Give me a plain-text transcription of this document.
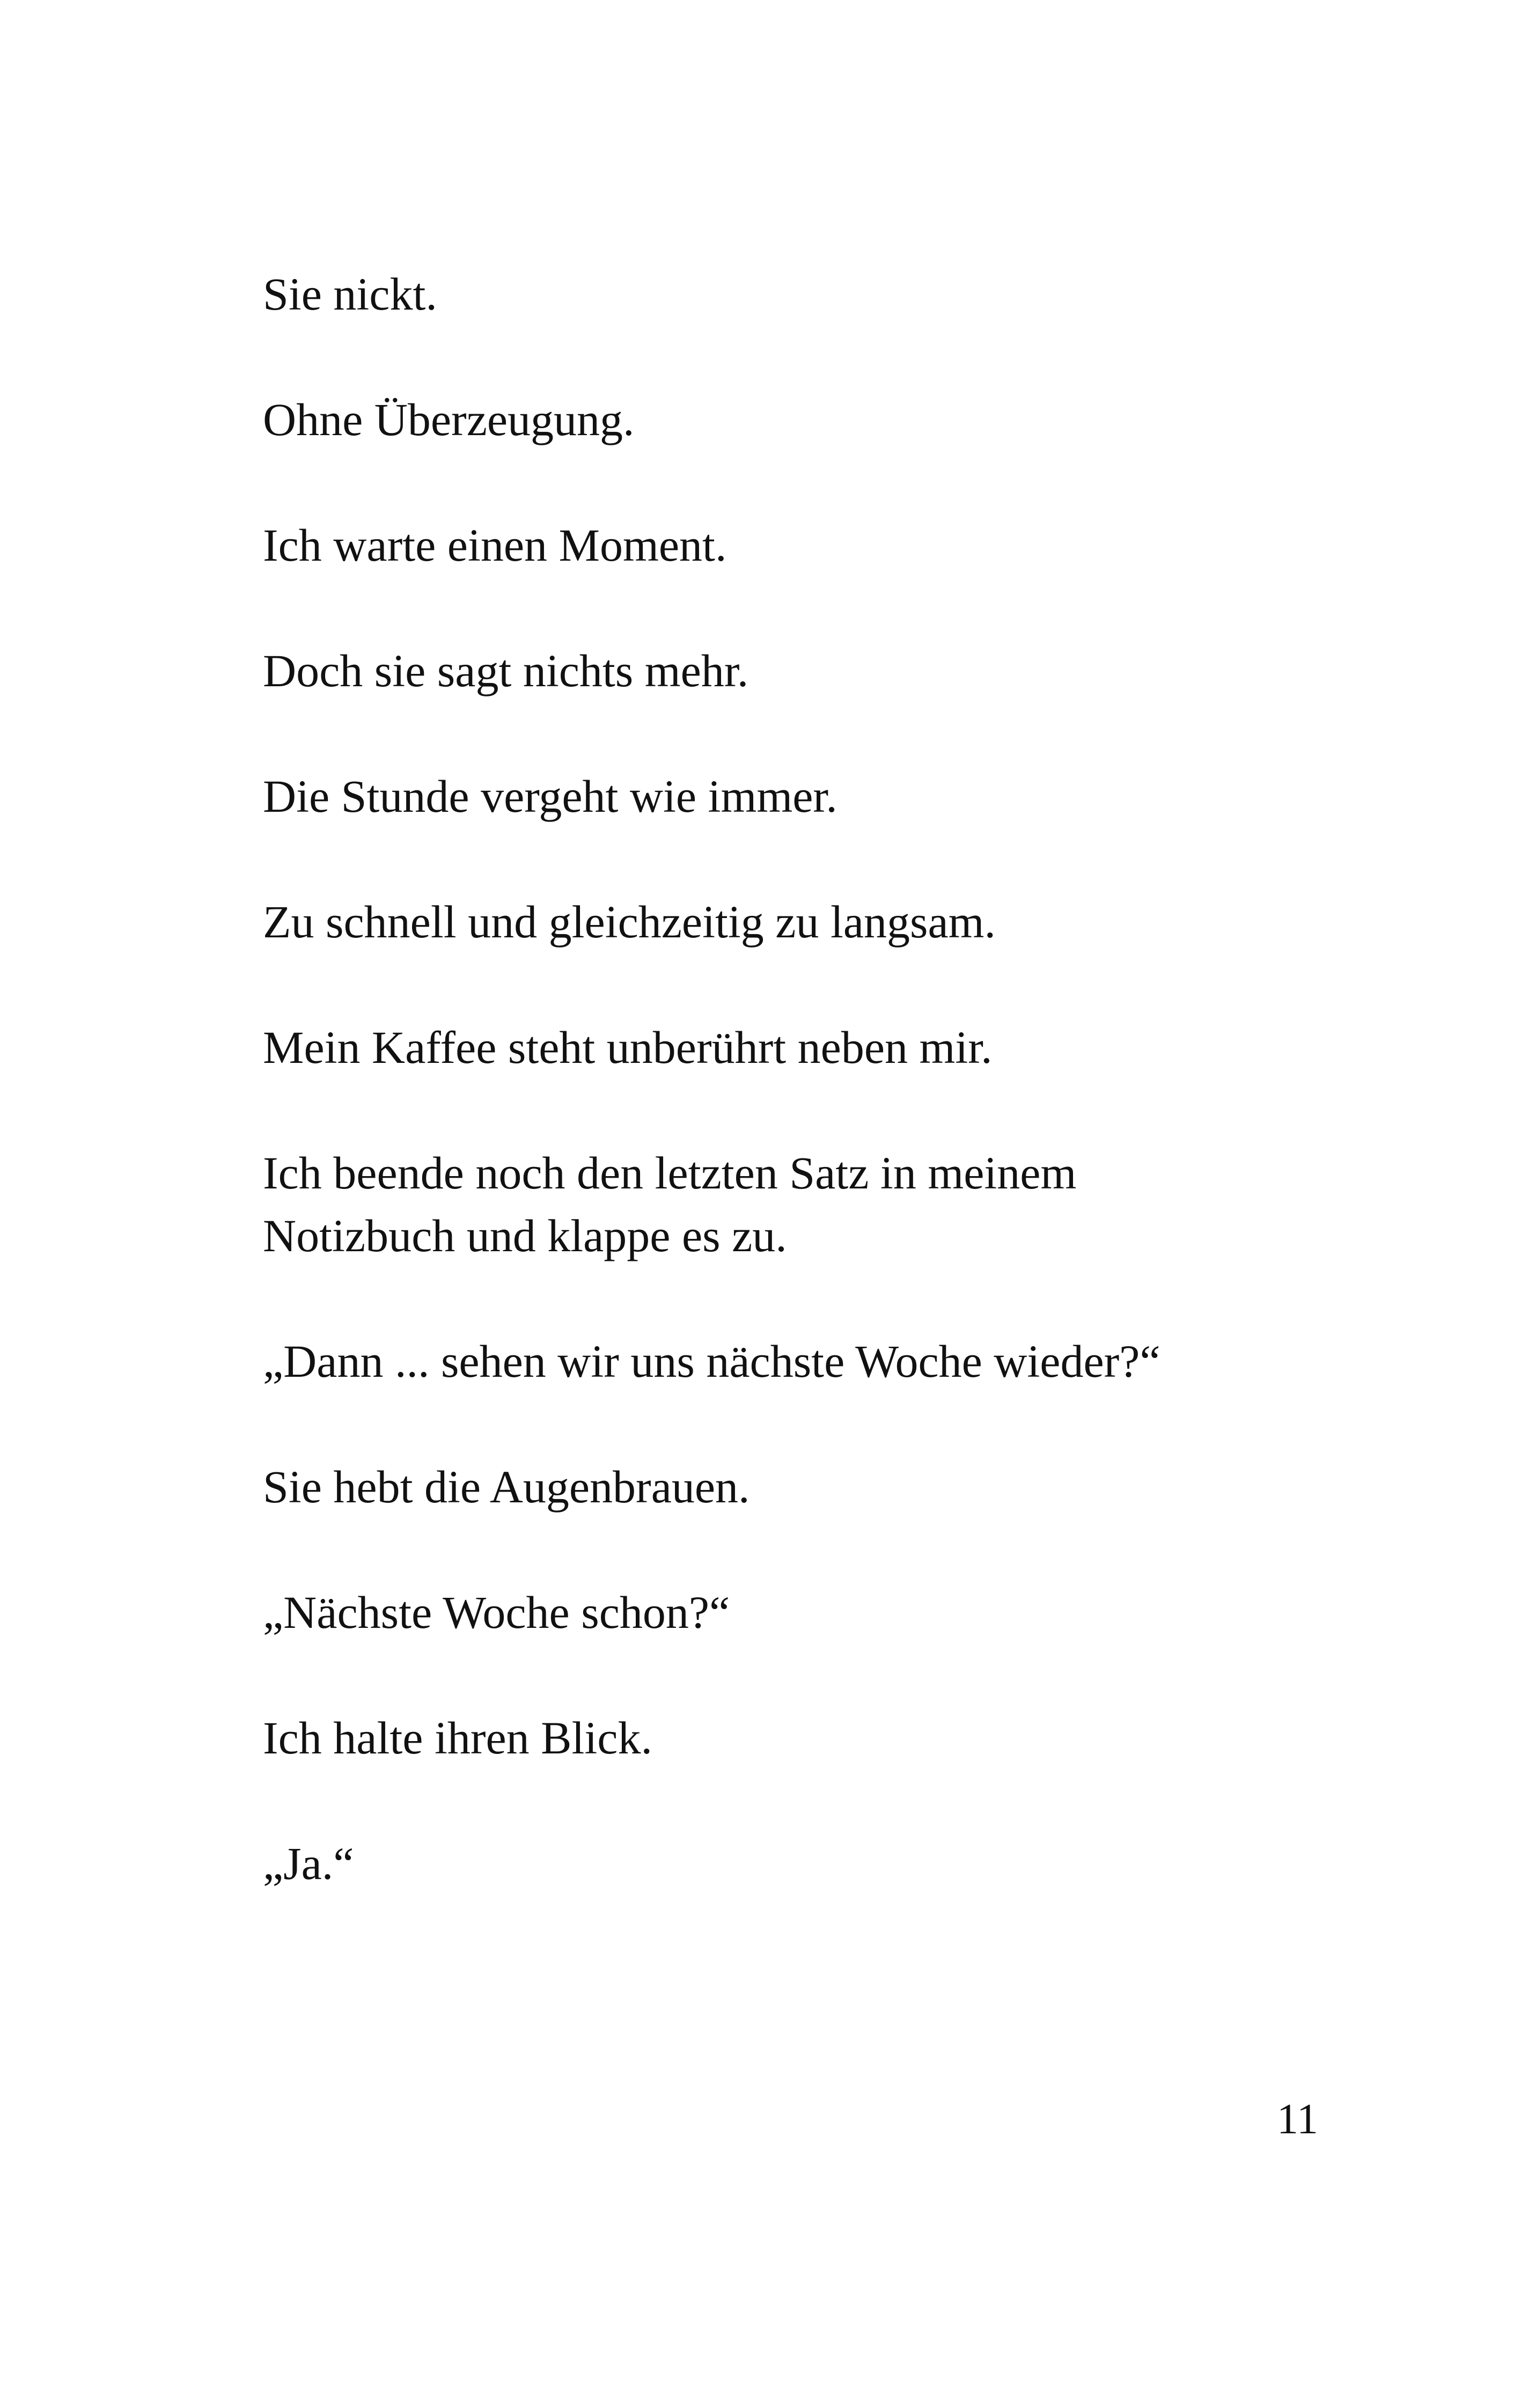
Sie nickt.

Ohne Überzeugung.

Ich warte einen Moment.

Doch sie sagt nichts mehr.

Die Stunde vergeht wie immer.

Zu schnell und gleichzeitig zu langsam.

Mein Kaffee steht unberührt neben mir.

Ich beende noch den letzten Satz in meinem
Notizbuch und klappe es zu.

„Dann ... sehen wir uns nächste Woche wieder?“

Sie hebt die Augenbrauen.

„Nächste Woche schon?“

Ich halte ihren Blick.

„Ja.“

11
